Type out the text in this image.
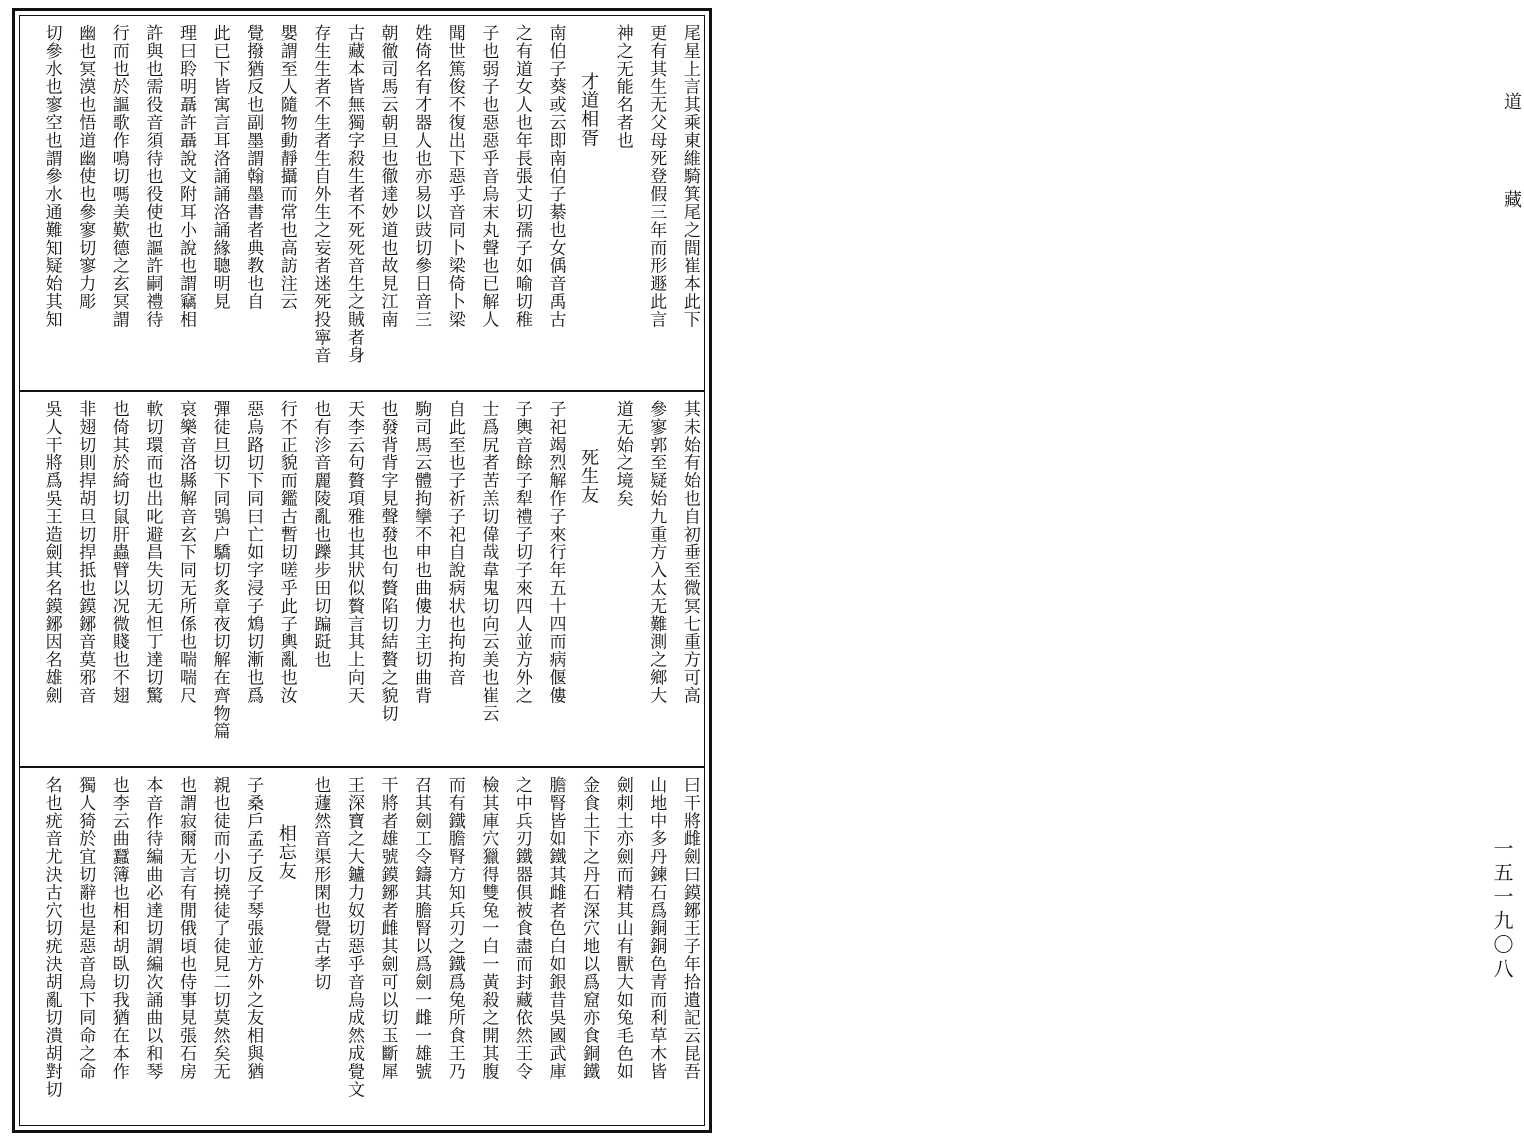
尾星上言其乘東維騎箕尾之間崔本此下
更有其生无父母死登假三年而形遯此言
神之无能名者也
才道相胥
南伯子葵或云即南伯子綦也女偊音禹古
之有道女人也年長張丈切孺子如喻切稚
子也弱子也惡惡乎音烏末丸聲也已解人
聞世篤俊不復出下惡乎音同卜梁倚卜梁
姓倚名有才器人也亦易以豉切參日音三
朝徹司馬云朝旦也徹達妙道也故見江南
古藏本皆無獨字殺生者不死死音生之賊者身
存生生者不生者生自外生之妄者迷死投寧音
嬰謂至人隨物動靜攝而常也高訪注云
覺撥猶反也副墨謂翰墨書者典教也自
此已下皆寓言耳洛誦誦洛誦緣聰明見
理曰聆明聶許聶說文附耳小說也謂竊相
許與也需役音須待也役使也謳許嗣禮待
行而也於謳歌作鳴切嗎美歎德之玄冥謂
幽也冥漠也悟道幽使也參寥切寥力彫
切參水也寥空也謂參水通難知疑始其知
其未始有始也自初垂至微冥七重方可高
參寥郭至疑始九重方入太无難測之鄉大
道无始之境矣
死生友
子祀竭烈解作子來行年五十四而病偃僂
子輿音餘子犁禮子切子來四人並方外之
士爲尻者苦羔切偉哉韋鬼切向云美也崔云
自此至也子祈子祀自說病状也拘拘音
駒司馬云體拘攣不申也曲僂力主切曲背
也發背背字見聲發也句贅陷切結贅之貌切
天李云句贅項雅也其狀似贅言其上向天
也有沴音麗陵亂也躒步田切蹁跹也
行不正貌而鑑古暫切嗟乎此子輿亂也汝
惡烏路切下同曰亡如字浸子鴆切漸也爲
彈徒旦切下同鴞户驕切炙章夜切解在齊物篇
哀樂音洛縣解音玄下同无所係也喘喘尺
軟切環而也出叱避昌失切无怛丁達切驚
也倚其於綺切鼠肝蟲臂以况微賤也不翅
非翅切則捍胡旦切捍抵也鏌鋣音莫邪音
吳人干將爲吳王造劍其名鏌鋣因名雄劍
曰干將雌劍曰鏌鋣王子年拾遺記云昆吾
山地中多丹鍊石爲銅銅色青而利草木皆
劍刺土亦劍而精其山有獸大如兔毛色如
金食土下之丹石深穴地以爲窟亦食銅鐵
膽腎皆如鐵其雌者色白如銀昔吳國武庫
之中兵刃鐵器俱被食盡而封藏依然王令
檢其庫穴獵得雙兔一白一黃殺之開其腹
而有鐵膽腎方知兵刃之鐵爲兔所食王乃
召其劍工令鑄其膽腎以爲劍一雌一雄號
干將者雄號鏌鋣者雌其劍可以切玉斷犀
王深寶之大鑪力奴切惡乎音烏成然成覺文
也蘧然音渠形閑也覺古孝切
相忘友
子桑戶孟子反子琴張並方外之友相與猶
親也徒而小切撓徒了徒見二切莫然矣无
也謂寂爾无言有閒俄頃也侍事見張石房
本音作待編曲必達切謂編次誦曲以和琴
也李云曲蠶簿也相和胡臥切我猶在本作
獨人猗於宜切辭也是惡音烏下同命之命
名也疣音尤決古穴切疣決胡亂切潰胡對切
道
藏
一五一九〇八
